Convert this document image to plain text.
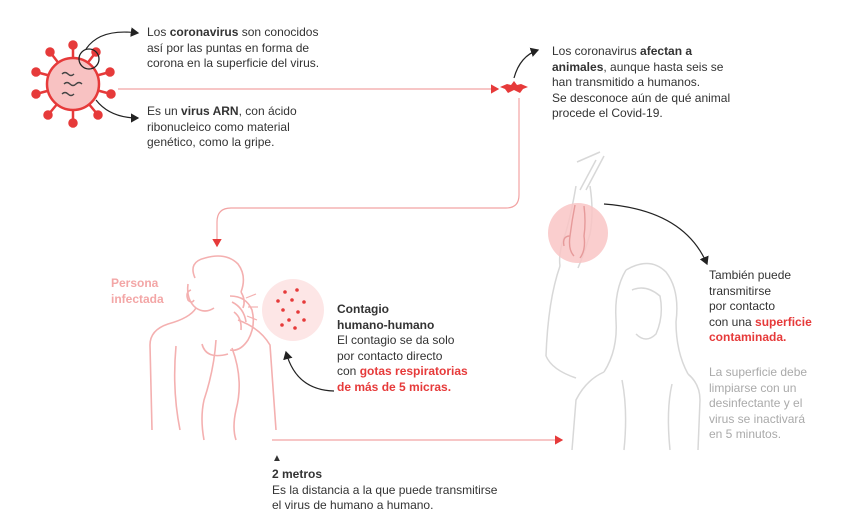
Los coronavirus son conocidos
así por las puntas en forma de
corona en la superficie del virus.
Es un virus ARN, con ácido
ribonucleico como material
genético, como la gripe.
Los coronavirus afectan a
animales, aunque hasta seis se
han transmitido a humanos.
Se desconoce aún de qué animal
procede el Covid-19.
Persona
infectada
Contagio
humano-humano
El contagio se da solo
por contacto directo
con gotas respiratorias
de más de 5 micras.
▲
2 metros
Es la distancia a la que puede transmitirse
el virus de humano a humano.
También puede
transmitirse
por contacto
con una superficie
contaminada.
La superficie debe
limpiarse con un
desinfectante y el
virus se inactivará
en 5 minutos.
